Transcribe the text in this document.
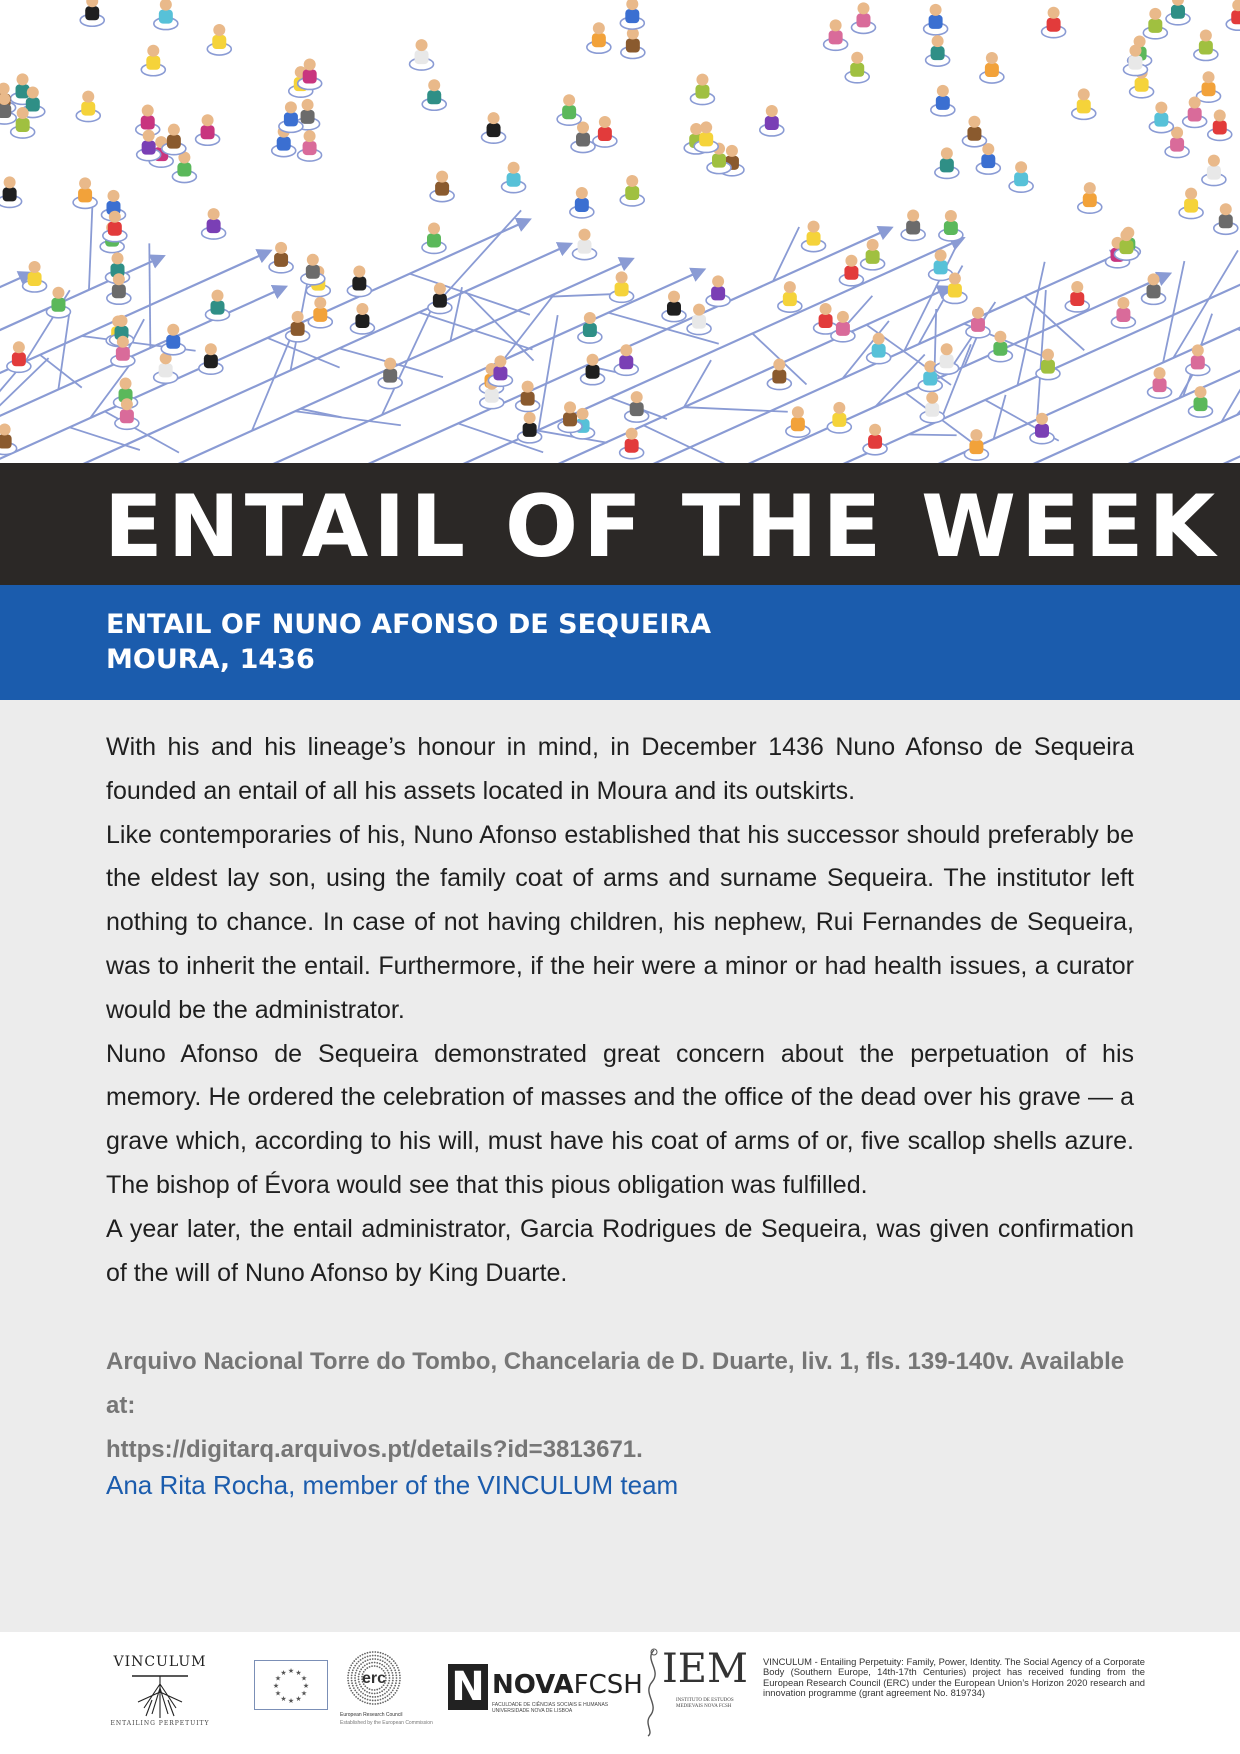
ENTAIL OF THE WEEK
ENTAIL OF NUNO AFONSO DE SEQUEIRA
MOURA, 1436

With his and his lineage’s honour in mind, in December 1436 Nuno Afonso de Sequeira founded an entail of all his assets located in Moura and its outskirts.

Like contemporaries of his, Nuno Afonso established that his successor should preferably be the eldest lay son, using the family coat of arms and surname Sequeira. The institutor left nothing to chance. In case of not having children, his nephew, Rui Fernandes de Sequeira, was to inherit the entail. Furthermore, if the heir were a minor or had health issues, a curator would be the administrator.

Nuno Afonso de Sequeira demonstrated great concern about the perpetuation of his memory. He ordered the celebration of masses and the office of the dead over his grave — a grave which, according to his will, must have his coat of arms of or, five scallop shells azure. The bishop of Évora would see that this pious obligation was fulfilled.

A year later, the entail administrator, Garcia Rodrigues de Sequeira, was given confirmation of the will of Nuno Afonso by King Duarte.

Arquivo Nacional Torre do Tombo, Chancelaria de D. Duarte, liv. 1, fls. 139-140v. Available at:

https://digitarq.arquivos.pt/details?id=3813671.

Ana Rita Rocha, member of the VINCULUM team
VINCULUM
ENTAILING PERPETUITY
★
★
★
★
★
★
★
★
★ ★ ★
★	erc
European Research Council
Established by the European Commission
N NOVAFCSH
FACULDADE DE CIÊNCIAS SOCIAIS E HUMANAS
UNIVERSIDADE NOVA DE LISBOA
IEM
INSTITUTO DE ESTUDOS MEDIEVAIS NOVA FCSH
VINCULUM - Entailing Perpetuity: Family, Power, Identity. The Social Agency of a Corporate Body (Southern Europe, 14th-17th Centuries) project has received funding from the European Research Council (ERC) under the European Union’s Horizon 2020 research and innovation programme (grant agreement No. 819734)
